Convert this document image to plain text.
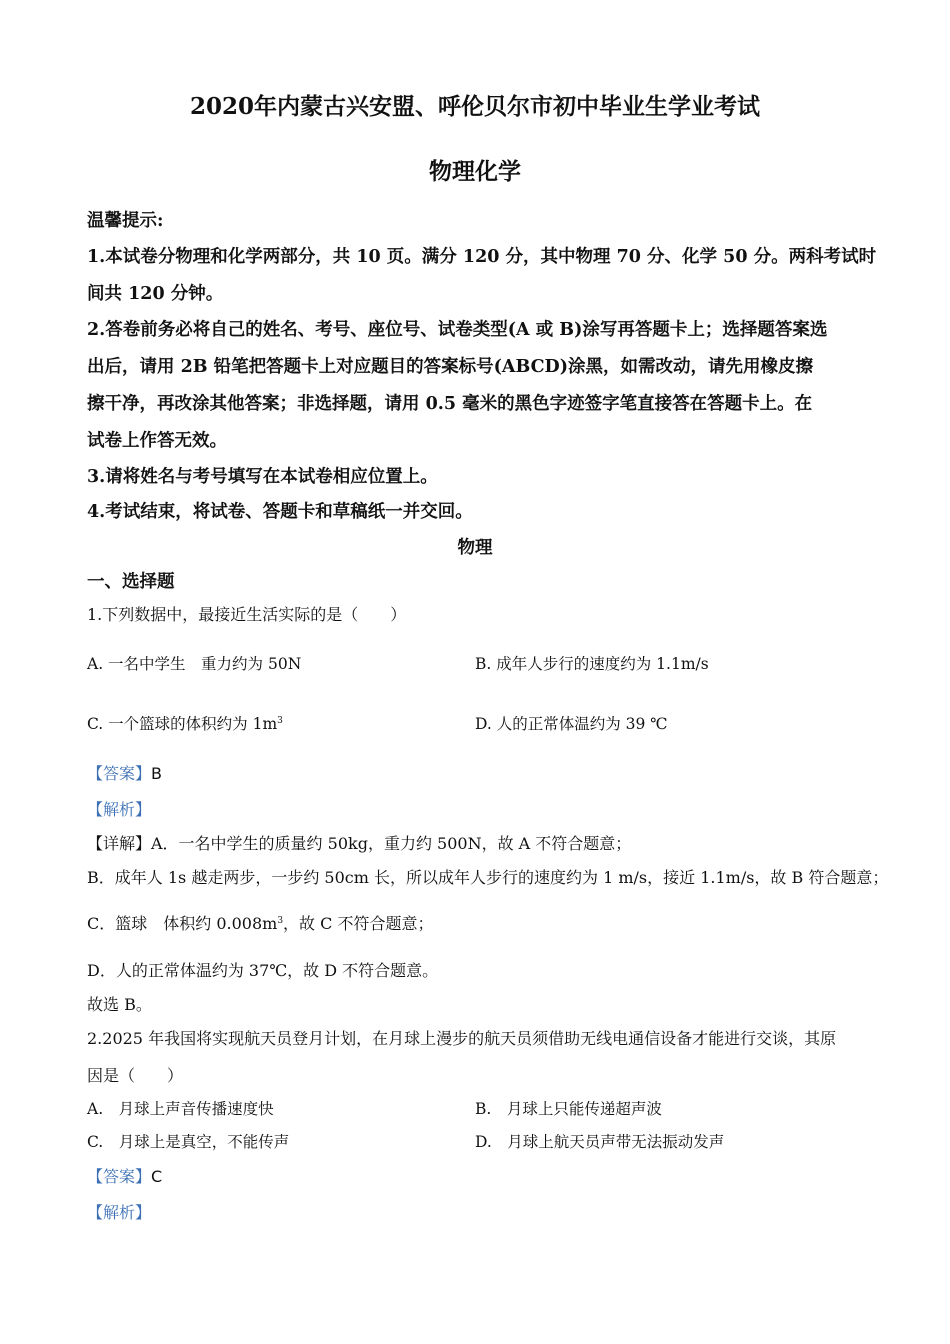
2020年内蒙古兴安盟、呼伦贝尔市初中毕业生学业考试
物理化学
温馨提示:
1.本试卷分物理和化学两部分，共 10 页。满分 120 分，其中物理 70 分、化学 50 分。两科考试时
间共 120 分钟。
2.答卷前务必将自己的姓名、考号、座位号、试卷类型(A 或 B)涂写再答题卡上；选择题答案选
出后，请用 2B 铅笔把答题卡上对应题目的答案标号(ABCD)涂黑，如需改动，请先用橡皮擦
擦干净，再改涂其他答案；非选择题，请用 0.5 毫米的黑色字迹签字笔直接答在答题卡上。在
试卷上作答无效。
3.请将姓名与考号填写在本试卷相应位置上。
4.考试结束，将试卷、答题卡和草稿纸一并交回。
物理
一、选择题
1.下列数据中，最接近生活实际的是（　　）
A. 一名中学生　重力约为 50N	B. 成年人步行的速度约为 1.1m/s
C. 一个篮球的体积约为 $1m^3$	D. 人的正常体温约为 39 ℃
【答案】B
【解析】
【详解】A．一名中学生的质量约 50kg，重力约 500N，故 A 不符合题意；
B．成年人 1s 越走两步，一步约 50cm 长，所以成年人步行的速度约为 1 m/s，接近 1.1m/s，故 B 符合题意；
C．篮球　体积约 $0.008m^3$，故 C 不符合题意；
D．人的正常体温约为 37℃，故 D 不符合题意。
故选 B。
2.2025 年我国将实现航天员登月计划，在月球上漫步的航天员须借助无线电通信设备才能进行交谈，其原
因是（　　）
A.　月球上声音传播速度快	B.　月球上只能传递超声波
C.　月球上是真空，不能传声	D.　月球上航天员声带无法振动发声
【答案】C
【解析】
